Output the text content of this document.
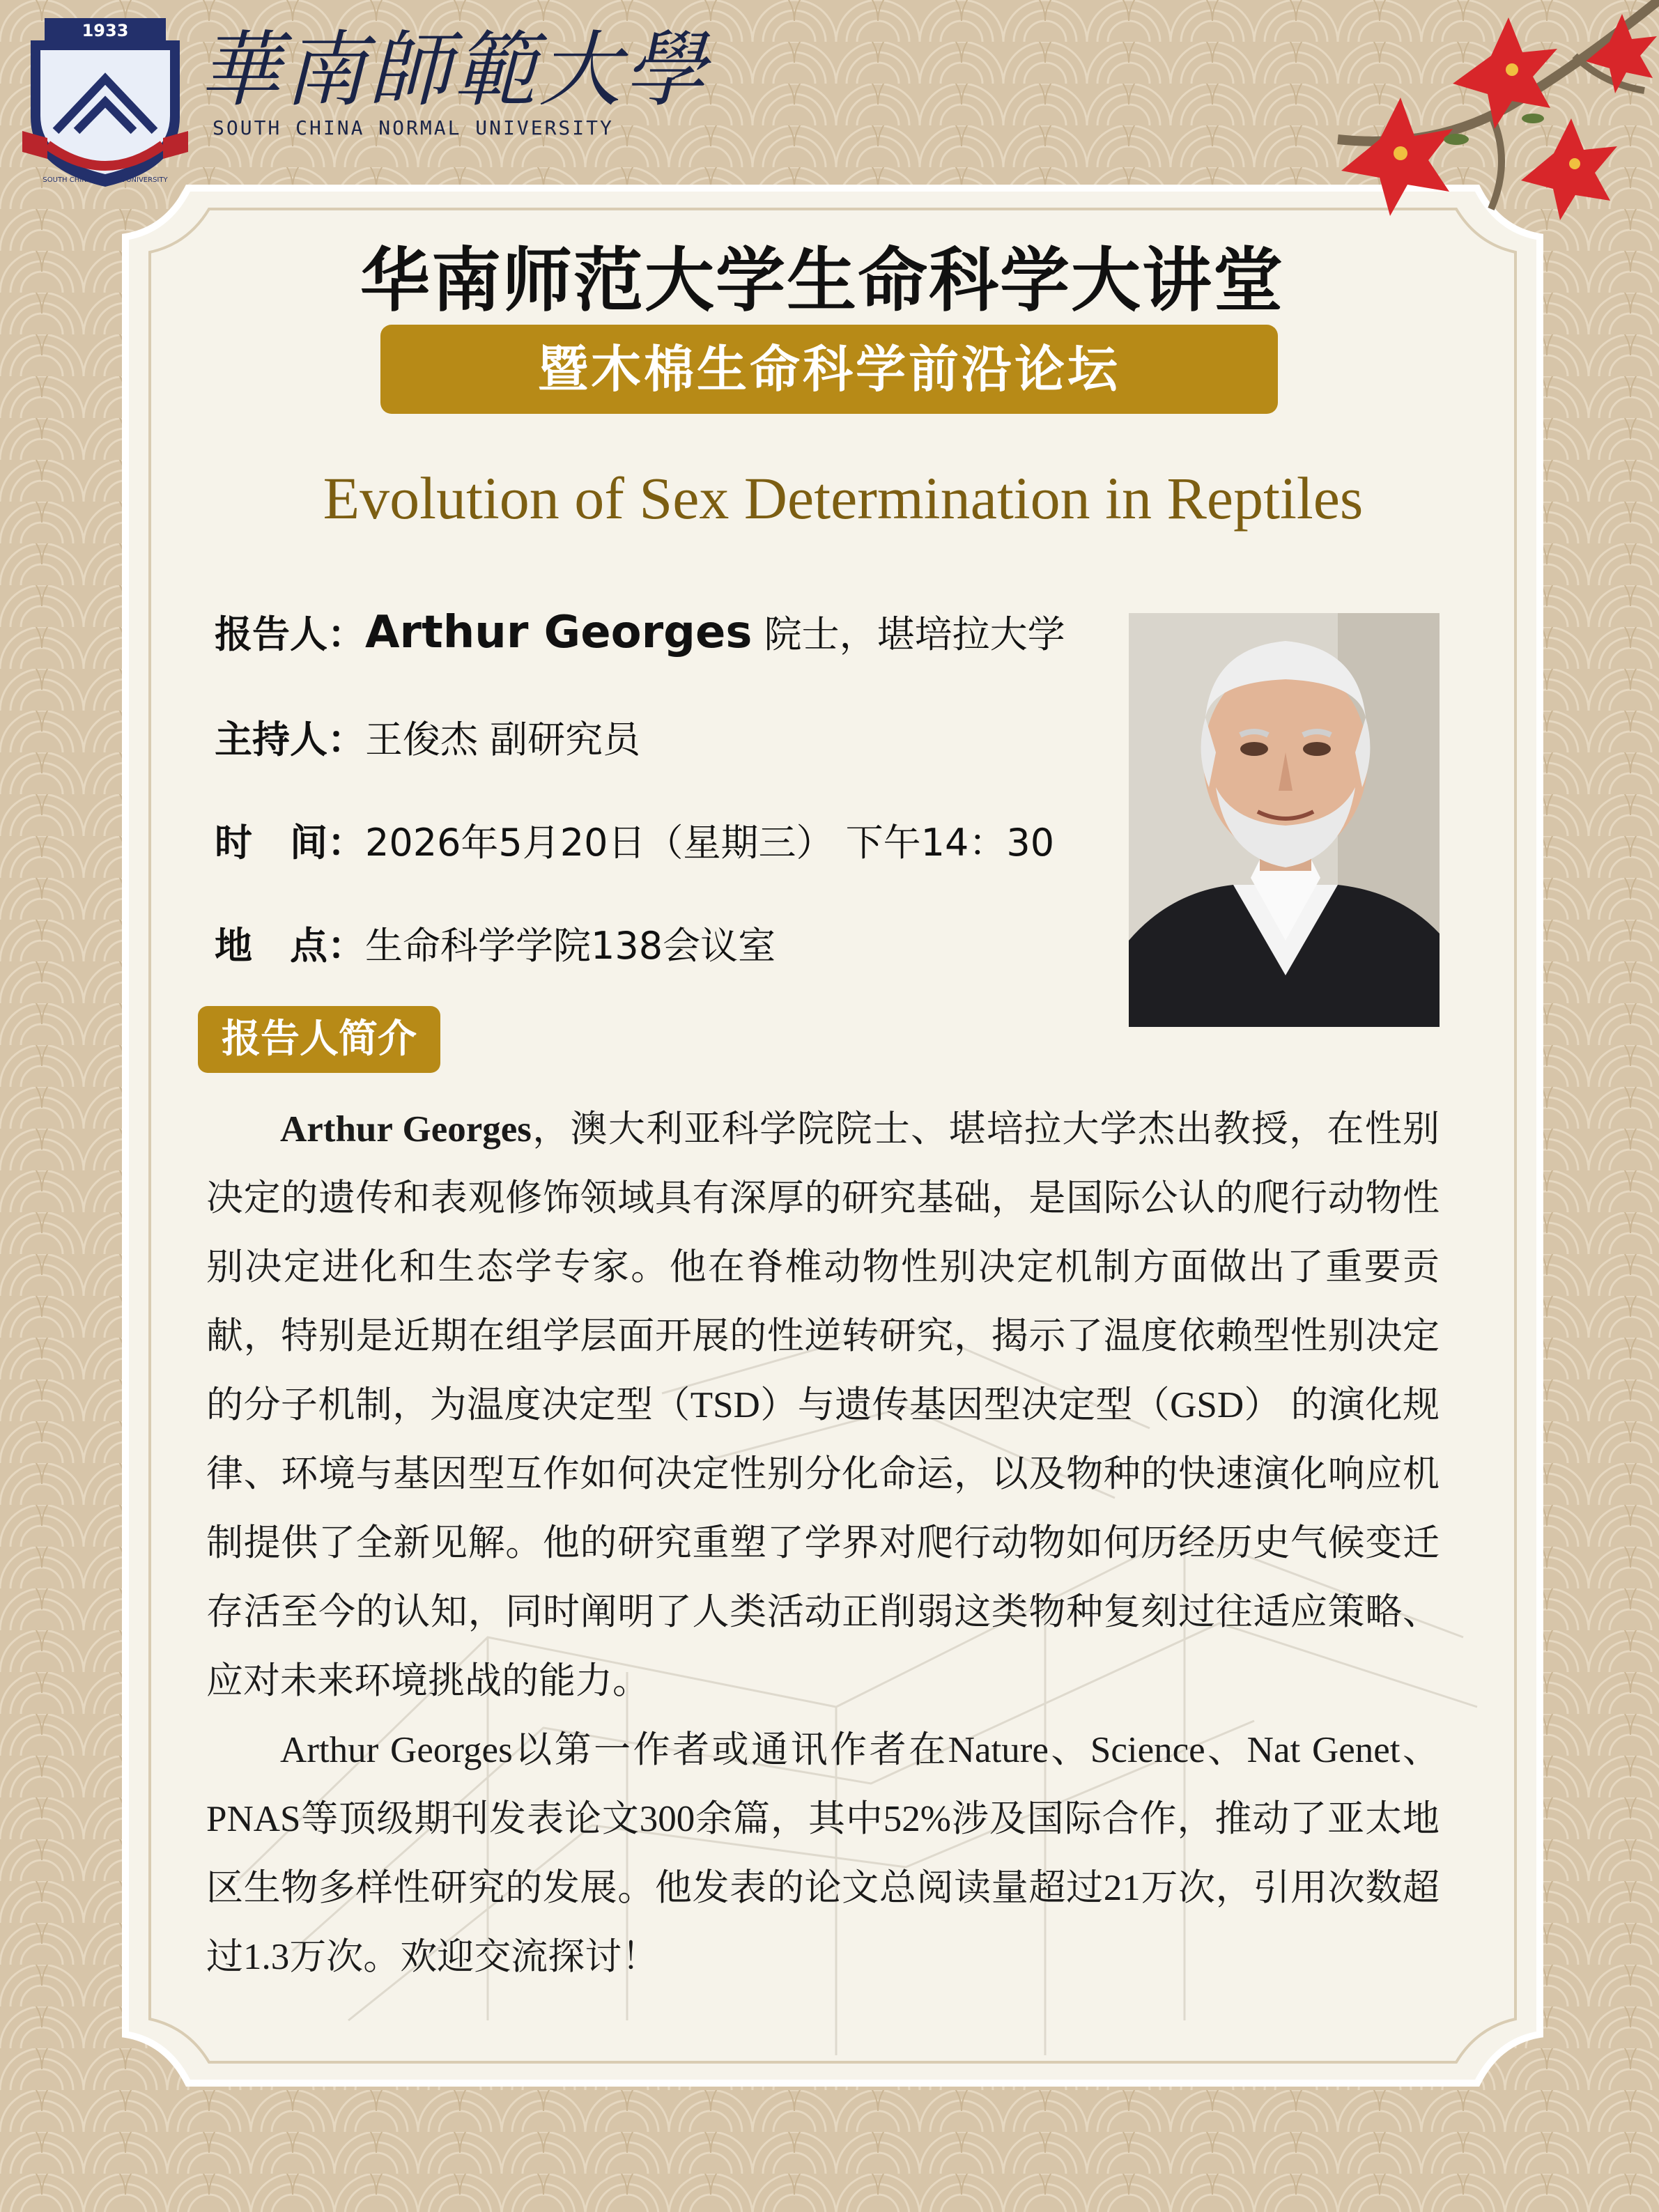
1933
SOUTH CHINA NORMAL UNIVERSITY
華南師範大學
SOUTH CHINA NORMAL UNIVERSITY
华南师范大学生命科学大讲堂
暨木棉生命科学前沿论坛
Evolution of Sex Determination in Reptiles
报告人：Arthur Georges 院士，堪培拉大学
主持人：王俊杰 副研究员
时　间：2026年5月20日（星期三） 下午14：30
地　点：生命科学学院138会议室
报告人简介

Arthur Georges，澳大利亚科学院院士、堪培拉大学杰出教授，在性别决定的遗传和表观修饰领域具有深厚的研究基础，是国际公认的爬行动物性别决定进化和生态学专家。他在脊椎动物性别决定机制方面做出了重要贡献，特别是近期在组学层面开展的性逆转研究，揭示了温度依赖型性别决定的分子机制，为温度决定型（TSD）与遗传基因型决定型（GSD） 的演化规律、环境与基因型互作如何决定性别分化命运，以及物种的快速演化响应机制提供了全新见解。他的研究重塑了学界对爬行动物如何历经历史气候变迁存活至今的认知，同时阐明了人类活动正削弱这类物种复刻过往适应策略、应对未来环境挑战的能力。

Arthur Georges以第一作者或通讯作者在Nature、Science、Nat Genet、PNAS等顶级期刊发表论文300余篇，其中52%涉及国际合作，推动了亚太地区生物多样性研究的发展。他发表的论文总阅读量超过21万次，引用次数超过1.3万次。欢迎交流探讨！
